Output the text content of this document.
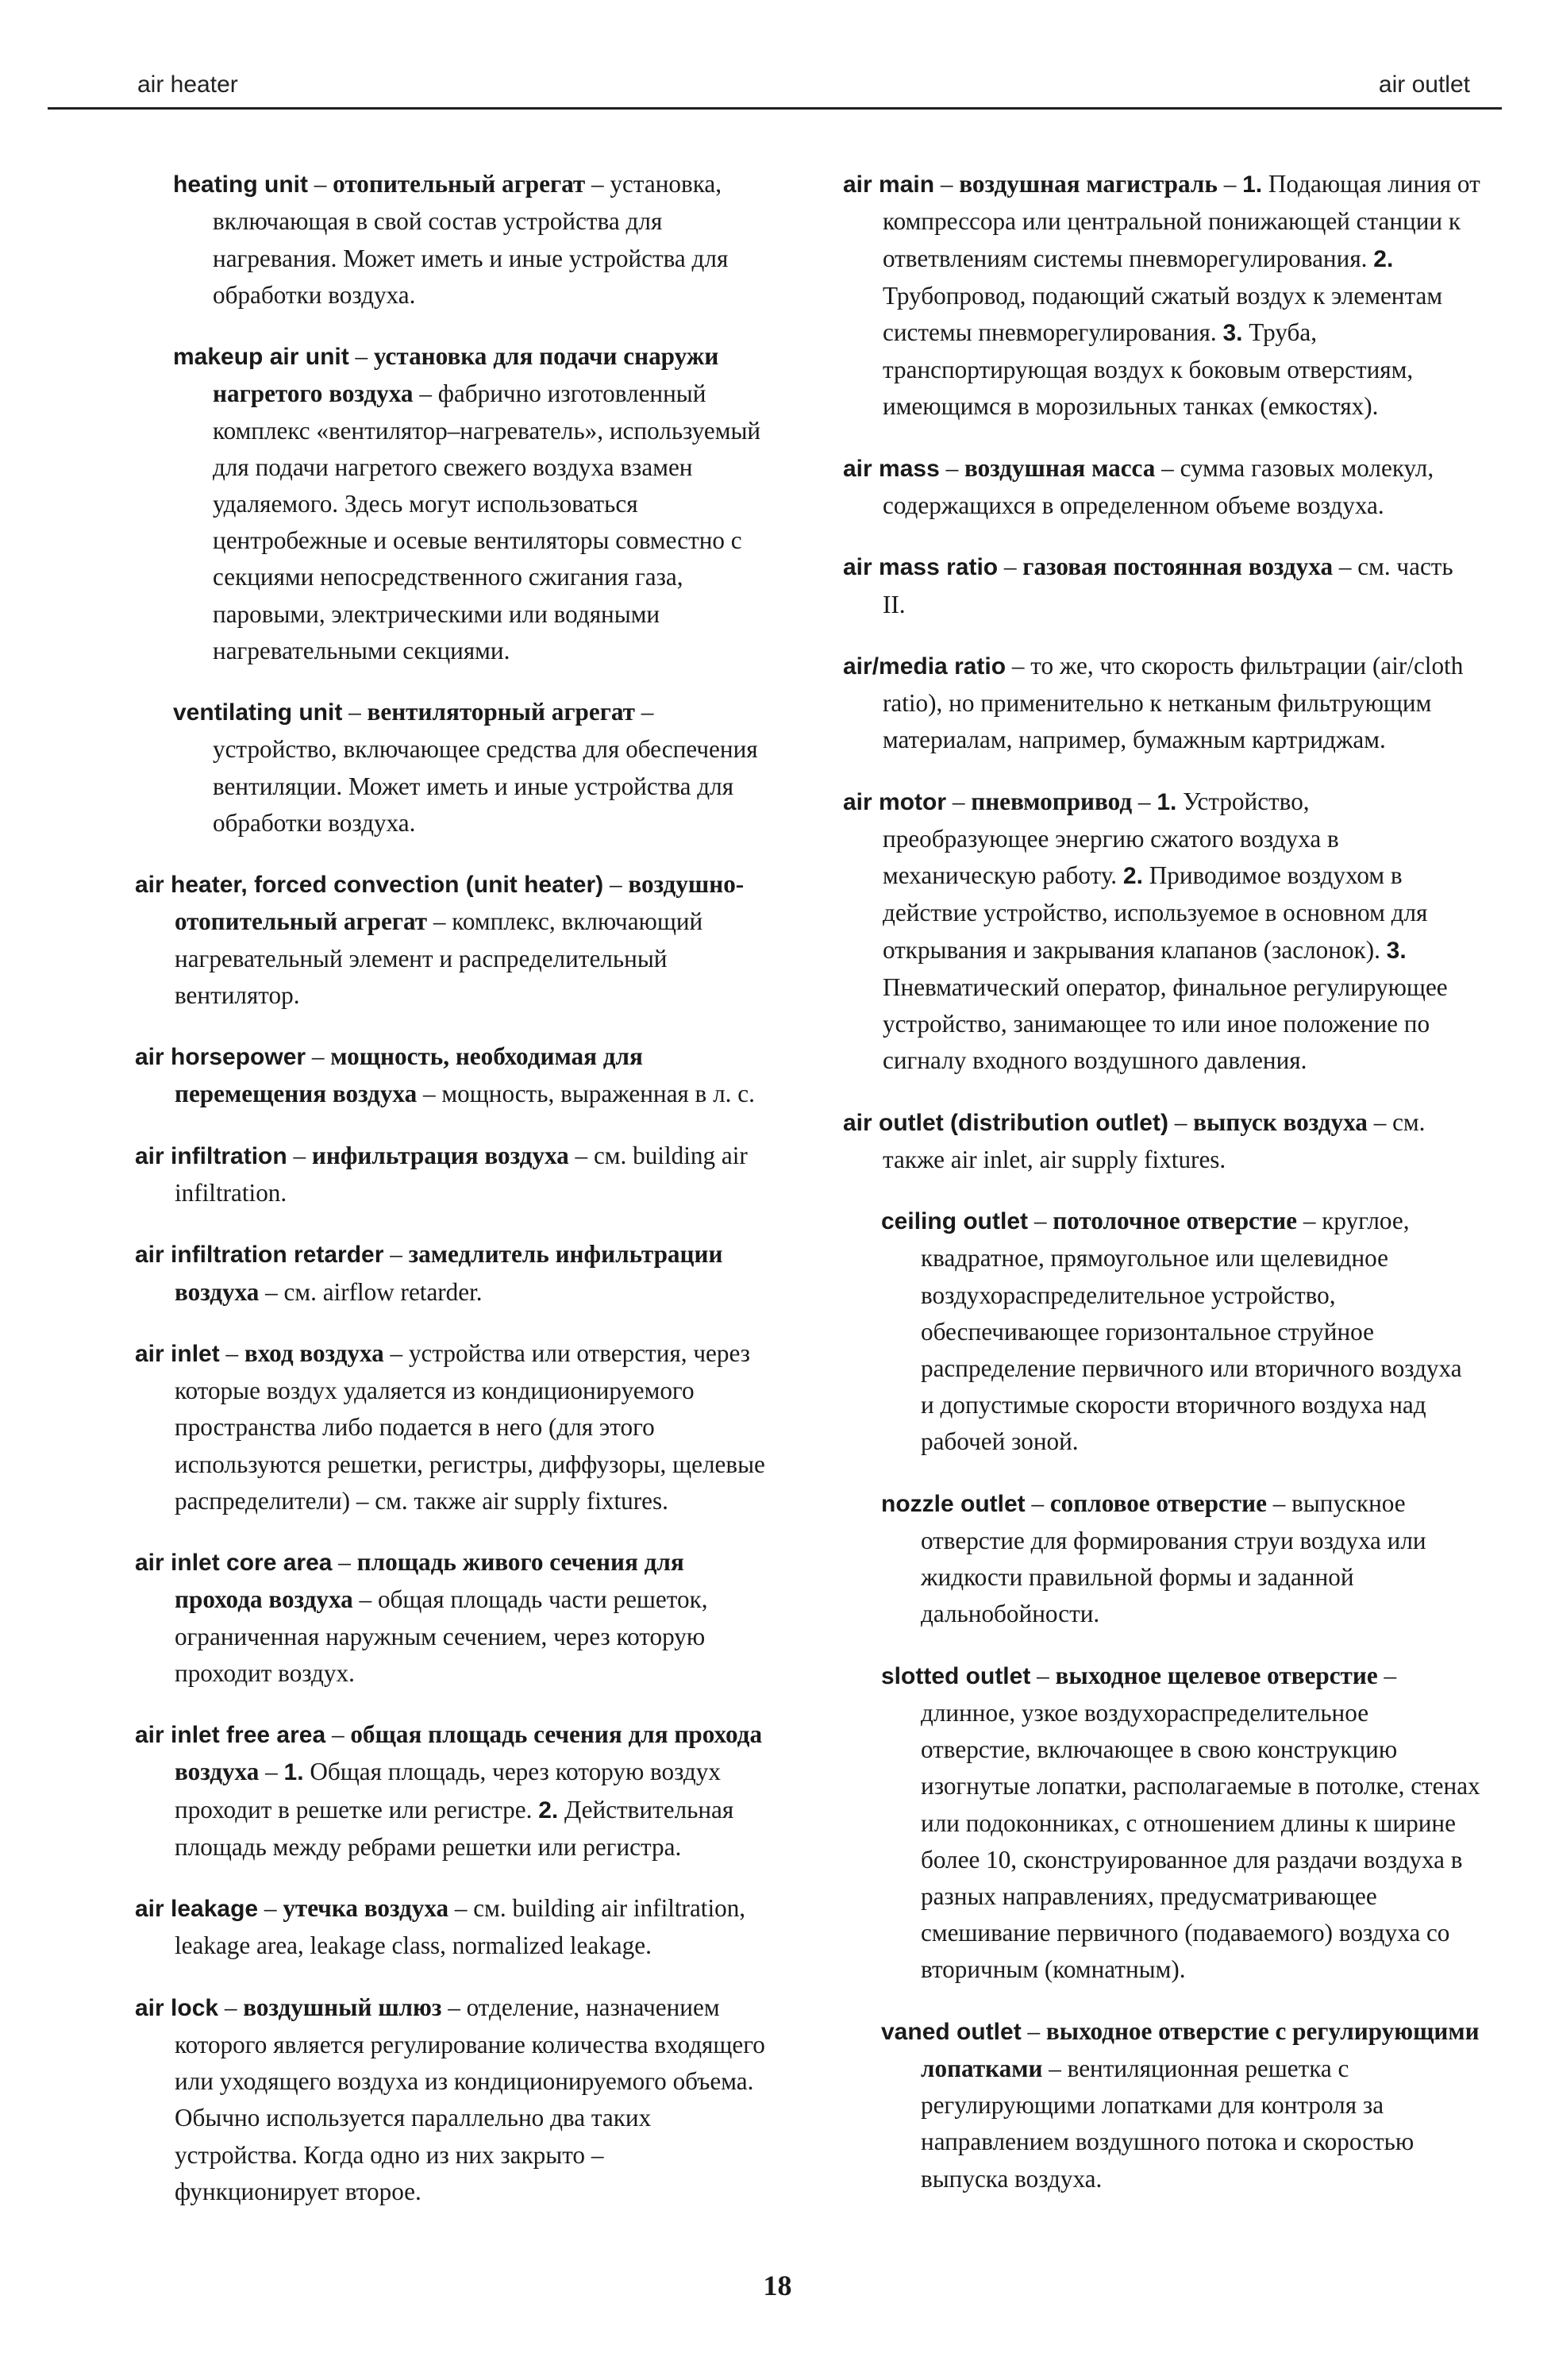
air heater	air outlet

heating unit – отопительный агрегат – установка, включающая в свой состав устройства для нагревания. Может иметь и иные устройства для обработки воздуха.

makeup air unit – установка для подачи снаружи нагретого воздуха – фабрично изготовленный комплекс «вентилятор–нагреватель», используемый для подачи нагретого свежего воздуха взамен удаляемого. Здесь могут использоваться центробежные и осевые вентиляторы совместно с секциями непосредственного сжигания газа, паровыми, электрическими или водяными нагревательными секциями.

ventilating unit – вентиляторный агрегат – устройство, включающее средства для обеспечения вентиляции. Может иметь и иные устройства для обработки воздуха.

air heater, forced convection (unit heater) – воздушно-отопительный агрегат – комплекс, включающий нагревательный элемент и распределительный вентилятор.

air horsepower – мощность, необходимая для перемещения воздуха – мощность, выраженная в л. с.

air infiltration – инфильтрация воздуха – см. building air infiltration.

air infiltration retarder – замедлитель инфильтрации воздуха – см. airflow retarder.

air inlet – вход воздуха – устройства или отверстия, через которые воздух удаляется из кондиционируемого пространства либо подается в него (для этого используются решетки, регистры, диффузоры, щелевые распределители) – см. также air supply fixtures.

air inlet core area – площадь живого сечения для прохода воздуха – общая площадь части решеток, ограниченная наружным сечением, через которую проходит воздух.

air inlet free area – общая площадь сечения для прохода воздуха – 1. Общая площадь, через которую воздух проходит в решетке или регистре. 2. Действительная площадь между ребрами решетки или регистра.

air leakage – утечка воздуха – см. building air infiltration, leakage area, leakage class, normalized leakage.

air lock – воздушный шлюз – отделение, назначением которого является регулирование количества входящего или уходящего воздуха из кондиционируемого объема. Обычно используется параллельно два таких устройства. Когда одно из них закрыто – функционирует второе.

air main – воздушная магистраль – 1. Подающая линия от компрессора или центральной понижающей станции к ответвлениям системы пневморегулирования. 2. Трубопровод, подающий сжатый воздух к элементам системы пневморегулирования. 3. Труба, транспортирующая воздух к боковым отверстиям, имеющимся в морозильных танках (емкостях).

air mass – воздушная масса – сумма газовых молекул, содержащихся в определенном объеме воздуха.

air mass ratio – газовая постоянная воздуха – см. часть II.

air/media ratio – то же, что скорость фильтрации (air/cloth ratio), но применительно к нетканым фильтрующим материалам, например, бумажным картриджам.

air motor – пневмопривод – 1. Устройство, преобразующее энергию сжатого воздуха в механическую работу. 2. Приводимое воздухом в действие устройство, используемое в основном для открывания и закрывания клапанов (заслонок). 3. Пневматический оператор, финальное регулирующее устройство, занимающее то или иное положение по сигналу входного воздушного давления.

air outlet (distribution outlet) – выпуск воздуха – см. также air inlet, air supply fixtures.

ceiling outlet – потолочное отверстие – круглое, квадратное, прямоугольное или щелевидное воздухораспределительное устройство, обеспечивающее горизонтальное струйное распределение первичного или вторичного воздуха и допустимые скорости вторичного воздуха над рабочей зоной.

nozzle outlet – сопловое отверстие – выпускное отверстие для формирования струи воздуха или жидкости правильной формы и заданной дальнобойности.

slotted outlet – выходное щелевое отверстие – длинное, узкое воздухораспределительное отверстие, включающее в свою конструкцию изогнутые лопатки, располагаемые в потолке, стенах или подоконниках, с отношением длины к ширине более 10, сконструированное для раздачи воздуха в разных направлениях, предусматривающее смешивание первичного (подаваемого) воздуха со вторичным (комнатным).

vaned outlet – выходное отверстие с регулирующими лопатками – вентиляционная решетка с регулирующими лопатками для контроля за направлением воздушного потока и скоростью выпуска воздуха.

18
